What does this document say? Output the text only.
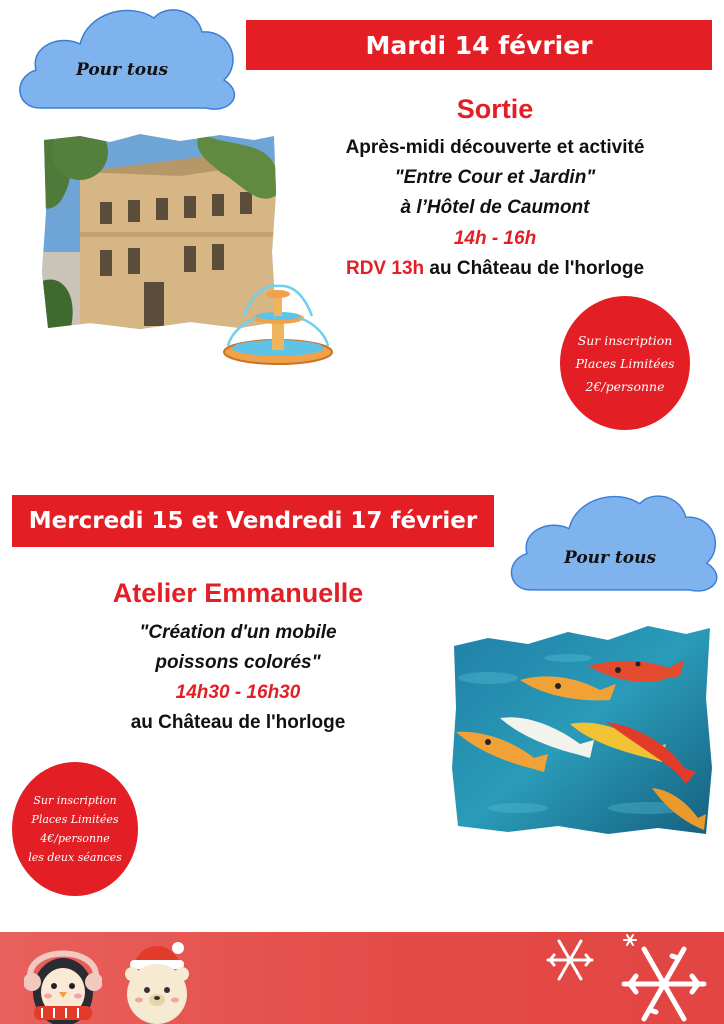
Mardi 14 février
Pour tous
Sortie
Après-midi découverte et activité
"Entre Cour et Jardin"
à l’Hôtel de Caumont
14h - 16h
RDV 13h au Château de l'horloge
Sur inscription
Places Limitées
2€/personne
Mercredi 15 et Vendredi 17 février
Pour tous
Atelier Emmanuelle
"Création d'un mobile
poissons colorés"
14h30 - 16h30
au Château de l'horloge
Sur inscription
Places Limitées
4€/personne
les deux séances
